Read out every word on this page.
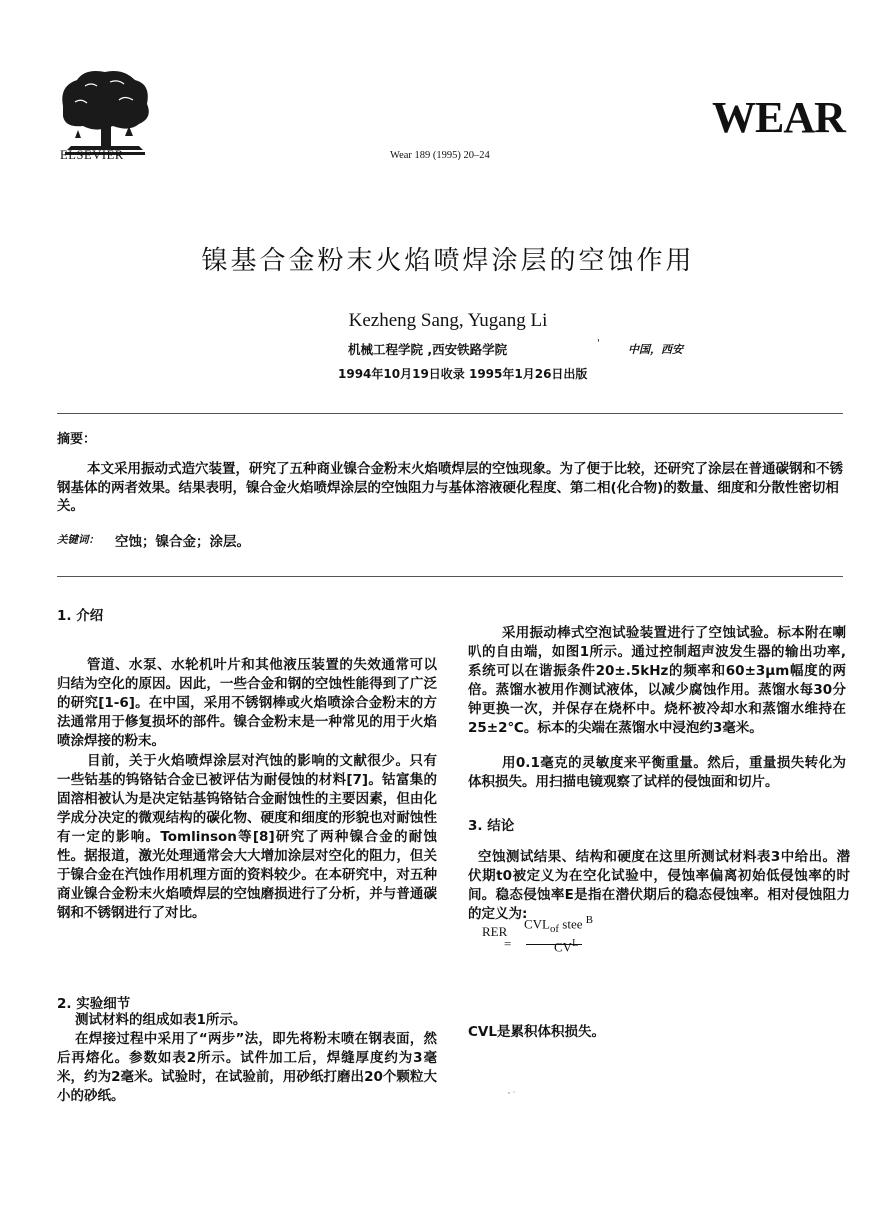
ELSEVIER	Wear 189 (1995) 20–24
WEAR
镍基合金粉末火焰喷焊涂层的空蚀作用
Kezheng Sang, Yugang Li
机械工程学院 ,西安铁路学院	'	中国，西安
1994年10月19日收录 1995年1月26日出版
摘要：

本文采用振动式造穴装置，研究了五种商业镍合金粉末火焰喷焊层的空蚀现象。为了便于比较，还研究了涂层在普通碳钢和不锈钢基体的两者效果。结果表明，镍合金火焰喷焊涂层的空蚀阻力与基体溶液硬化程度、第二相(化合物)的数量、细度和分散性密切相关。

关键词： 空蚀；镍合金；涂层。
1. 介绍

管道、水泵、水轮机叶片和其他液压装置的失效通常可以归结为空化的原因。因此，一些合金和钢的空蚀性能得到了广泛的研究[1-6]。在中国，采用不锈钢棒或火焰喷涂合金粉末的方法通常用于修复损坏的部件。镍合金粉末是一种常见的用于火焰喷涂焊接的粉末。

目前，关于火焰喷焊涂层对汽蚀的影响的文献很少。只有一些钴基的钨铬钴合金已被评估为耐侵蚀的材料[7]。钴富集的固溶相被认为是决定钴基钨铬钴合金耐蚀性的主要因素，但由化学成分决定的微观结构的碳化物、硬度和细度的形貌也对耐蚀性有一定的影响。Tomlinson等[8]研究了两种镍合金的耐蚀性。据报道，激光处理通常会大大增加涂层对空化的阻力，但关于镍合金在汽蚀作用机理方面的资料较少。在本研究中，对五种商业镍合金粉末火焰喷焊层的空蚀磨损进行了分析，并与普通碳钢和不锈钢进行了对比。

2. 实验细节

测试材料的组成如表1所示。

在焊接过程中采用了“两步”法，即先将粉末喷在钢表面，然后再熔化。参数如表2所示。试件加工后，焊缝厚度约为3毫米，约为2毫米。试验时，在试验前，用砂纸打磨出20个颗粒大小的砂纸。

采用振动棒式空泡试验装置进行了空蚀试验。标本附在喇叭的自由端，如图1所示。通过控制超声波发生器的输出功率,系统可以在谐振条件20±.5kHz的频率和60±3μm幅度的两倍。蒸馏水被用作测试液体，以减少腐蚀作用。蒸馏水每30分钟更换一次，并保存在烧杯中。烧杯被冷却水和蒸馏水维持在25±2℃。标本的尖端在蒸馏水中浸泡约3毫米。

用0.1毫克的灵敏度来平衡重量。然后，重量损失转化为体积损失。用扫描电镜观察了试样的侵蚀面和切片。

3. 结论

空蚀测试结果、结构和硬度在这里所测试材料表3中给出。潜伏期t0被定义为在空化试验中，侵蚀率偏离初始低侵蚀率的时间。稳态侵蚀率E是指在潜伏期后的稳态侵蚀率。相对侵蚀阻力的定义为:

RER
=
$CVL_{of}$ stee $^B$
$CV^L$
CVL是累积体积损失。
